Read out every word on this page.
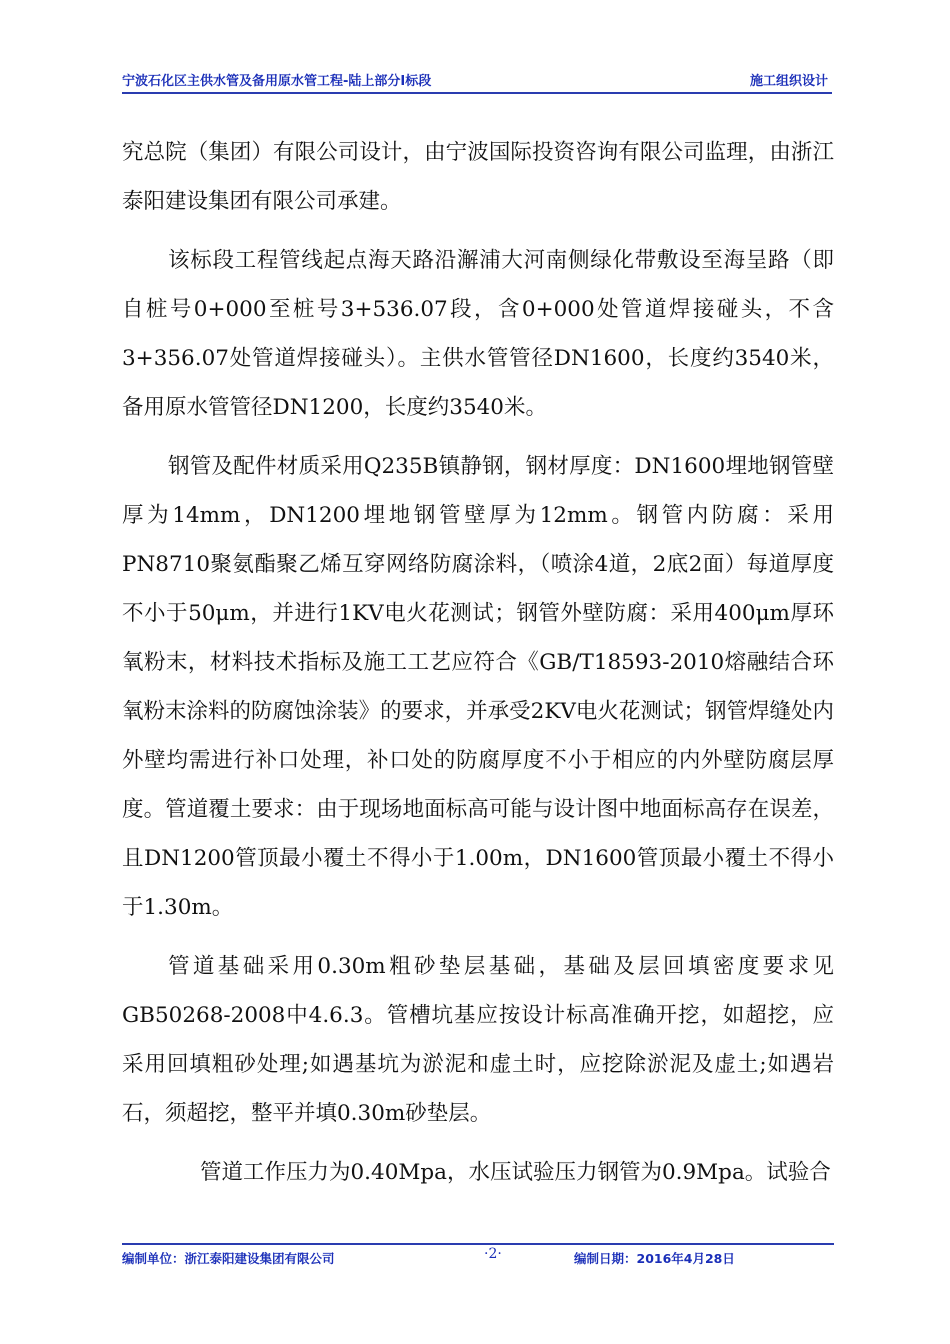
宁波石化区主供水管及备用原水管工程-陆上部分Ⅰ标段	施工组织设计

究总院（集团）有限公司设计，由宁波国际投资咨询有限公司监理，由浙江泰阳建设集团有限公司承建。

该标段工程管线起点海天路沿澥浦大河南侧绿化带敷设至海呈路（即自桩号0+000至桩号3+536.07段，含0+000处管道焊接碰头，不含3+356.07处管道焊接碰头）。主供水管管径DN1600，长度约3540米，备用原水管管径DN1200，长度约3540米。

钢管及配件材质采用Q235B镇静钢，钢材厚度：DN1600埋地钢管壁厚为14mm，DN1200埋地钢管壁厚为12mm。钢管内防腐：采用PN8710聚氨酯聚乙烯互穿网络防腐涂料，（喷涂4道，2底2面）每道厚度不小于50μm，并进行1KV电火花测试；钢管外壁防腐：采用400μm厚环氧粉末，材料技术指标及施工工艺应符合《GB/T18593-2010熔融结合环氧粉末涂料的防腐蚀涂装》的要求，并承受2KV电火花测试；钢管焊缝处内外壁均需进行补口处理，补口处的防腐厚度不小于相应的内外壁防腐层厚度。管道覆土要求：由于现场地面标高可能与设计图中地面标高存在误差，且DN1200管顶最小覆土不得小于1.00m，DN1600管顶最小覆土不得小于1.30m。

管道基础采用0.30m粗砂垫层基础，基础及层回填密度要求见GB50268-2008中4.6.3。管槽坑基应按设计标高准确开挖，如超挖，应采用回填粗砂处理;如遇基坑为淤泥和虚土时，应挖除淤泥及虚土;如遇岩石，须超挖，整平并填0.30m砂垫层。

管道工作压力为0.40Mpa，水压试验压力钢管为0.9Mpa。试验合

编制单位：浙江泰阳建设集团有限公司	·2·	编制日期：2016年4月28日
